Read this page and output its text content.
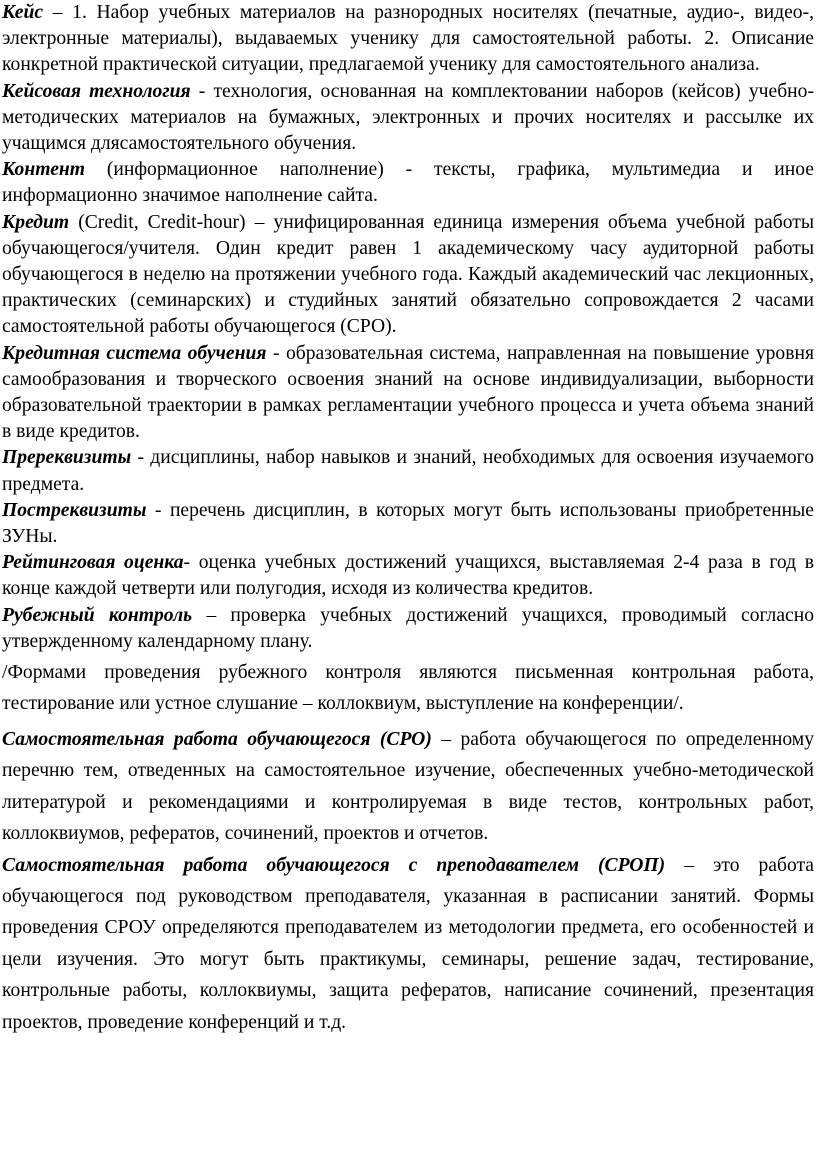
Кейс – 1. Набор учебных материалов на разнородных носителях (печатные, аудио-, видео-, электронные материалы), выдаваемых ученику для самостоятельной работы. 2. Описание конкретной практической ситуации, предлагаемой ученику для самостоятельного анализа.

Кейсовая технология - технология, основанная на комплектовании наборов (кейсов) учебно-методических материалов на бумажных, электронных и прочих носителях и рассылке их учащимся длясамостоятельного обучения.

Контент (информационное наполнение) - тексты, графика, мультимедиа и иное информационно значимое наполнение сайта.

Кредит (Credit, Credit-hour) – унифицированная единица измерения объема учебной работы обучающегося/учителя. Один кредит равен 1 академическому часу аудиторной работы обучающегося в неделю на протяжении учебного года. Каждый академический час лекционных, практических (семинарских) и студийных занятий обязательно сопровождается 2 часами самостоятельной работы обучающегося (СРО).

Кредитная система обучения - образовательная система, направленная на повышение уровня самообразования и творческого освоения знаний на основе индивидуализации, выборности образовательной траектории в рамках регламентации учебного процесса и учета объема знаний в виде кредитов.

Пререквизиты - дисциплины, набор навыков и знаний, необходимых для освоения изучаемого предмета.

Постреквизиты - перечень дисциплин, в которых могут быть использованы приобретенные ЗУНы.

Рейтинговая оценка- оценка учебных достижений учащихся, выставляемая 2-4 раза в год в конце каждой четверти или полугодия, исходя из количества кредитов.

Рубежный контроль – проверка учебных достижений учащихся, проводимый согласно утвержденному календарному плану.

/Формами проведения рубежного контроля являются письменная контрольная работа, тестирование или устное слушание – коллоквиум, выступление на конференции/.

Самостоятельная работа обучающегося (СРО) – работа обучающегося по определенному перечню тем, отведенных на самостоятельное изучение, обеспеченных учебно-методической литературой и рекомендациями и контролируемая в виде тестов, контрольных работ, коллоквиумов, рефератов, сочинений, проектов и отчетов.

Самостоятельная работа обучающегося с преподавателем (СРОП) – это работа обучающегося под руководством преподавателя, указанная в расписании занятий. Формы проведения СРОУ определяются преподавателем из методологии предмета, его особенностей и цели изучения. Это могут быть практикумы, семинары, решение задач, тестирование, контрольные работы, коллоквиумы, защита рефератов, написание сочинений, презентация проектов, проведение конференций и т.д.
